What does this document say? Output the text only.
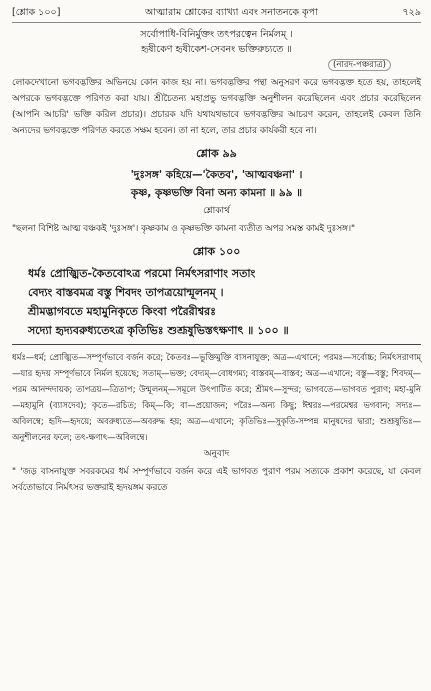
[শ্লোক ১০০]	আত্মারাম শ্লোকের ব্যাখ্যা এবং সনাতনকে কৃপা	৭২৯
সর্বোপাধি-বিনির্মুক্তং তৎপরত্বেন নির্মলম্ ।
হৃষীকেণ হৃষীকেশ-সেবনং ভক্তিরুচ্যতে ॥
(নারদ-পঞ্চরাত্র)

লোকদেখানো ভগবদ্ভক্তির অভিনয়ে কোন কাজ হয় না। ভগবদ্ভক্তির পন্থা অনুসরণ করে ভগবদ্ভক্ত হতে হয়, তাহলেই অপরকে ভগবদ্ভক্তে পরিণত করা যায়। শ্রীচৈতন্য মহাপ্রভু ভগবদ্ভক্তি অনুশীলন করেছিলেন এবং প্রচার করেছিলেন (আপনি আচরি' ভক্তি করিল প্রচার)। প্রচারক যদি যথাযথভাবে ভগবদ্ভক্তির আচরণ করেন, তাহলেই কেবল তিনি অন্যদের ভগবদ্ভক্তে পরিণত করতে সক্ষম হবেন। তা না হলে, তার প্রচার কার্যকরী হবে না।

শ্লোক ৯৯
'দুঃসঙ্গ' কহিয়ে—'কৈতব', 'আত্মবঞ্চনা' ।
কৃষ্ণ, কৃষ্ণভক্তি বিনা অন্য কামনা ॥ ৯৯ ॥
শ্লোকার্থ

"ছলনা বিশিষ্ট আত্ম বঞ্চকই 'দুঃসঙ্গ'। কৃষ্ণকাম ও কৃষ্ণভক্তি কামনা ব্যতীত অপর সমস্ত কামই দুঃসঙ্গ।"

শ্লোক ১০০
ধর্মঃ প্রোজ্ঝিত-কৈতবোঽত্র পরমো নির্মৎসরাণাং সতাং
বেদ্যং বাস্তবমত্র বস্তু শিবদং তাপত্রয়োন্মূলনম্ ।
শ্রীমদ্ভাগবতে মহামুনিকৃতে কিংবা পরৈরীশ্বরঃ
সদ্যো হৃদ্যবরুধ্যতেঽত্র কৃতিভিঃ শুশ্রূষুভিস্তৎক্ষণাৎ ॥ ১০০ ॥

ধর্মঃ—ধর্ম; প্রোজ্ঝিত—সম্পূর্ণভাবে বর্জন করে; কৈতবঃ—ভুক্তিমুক্তি বাসনাযুক্ত; অত্র—এখানে; পরমঃ—সর্বোচ্চ; নির্মৎসরাণাম্—যার হৃদয় সম্পূর্ণভাবে নির্মল হয়েছে; সতাম্—ভক্ত; বেদ্যম্—বোধগম্য; বাস্তবম্—বাস্তব; অত্র—এখানে; বস্তু—বস্তু; শিবদম্—পরম আনন্দদায়ক; তাপত্রয়—ত্রিতাপ; উন্মূলনম্—সমূলে উৎপাটিত করে; শ্রীমৎ—সুন্দর; ভাগবতে—ভাগবত পুরাণ; মহা-মুনি—মহামুনি (ব্যাসদেব); কৃতে—রচিত; কিম্—কি; বা—প্রয়োজন; পরৈঃ—অন্য কিছু; ঈশ্বরঃ—পরমেশ্বর ভগবান; সদ্যঃ—অবিলম্বে; হৃদি—হৃদয়ে; অবরুধ্যতে—অবরুদ্ধ হয়; অত্র—এখানে; কৃতিভিঃ—সুকৃতি-সম্পন্ন মানুষদের দ্বারা; শুশ্রূষুভিঃ—অনুশীলনের ফলে; তৎ-ক্ষণাৎ—অবিলম্বে।

অনুবাদ

" 'জড় বাসনাযুক্ত সবরকমের ধর্ম সম্পূর্ণভাবে বর্জন করে এই ভাগবত পুরাণ পরম সত্যকে প্রকাশ করেছে, যা কেবল সর্বতোভাবে নির্মৎসর ভক্তরাই হৃদয়ঙ্গম করতে
